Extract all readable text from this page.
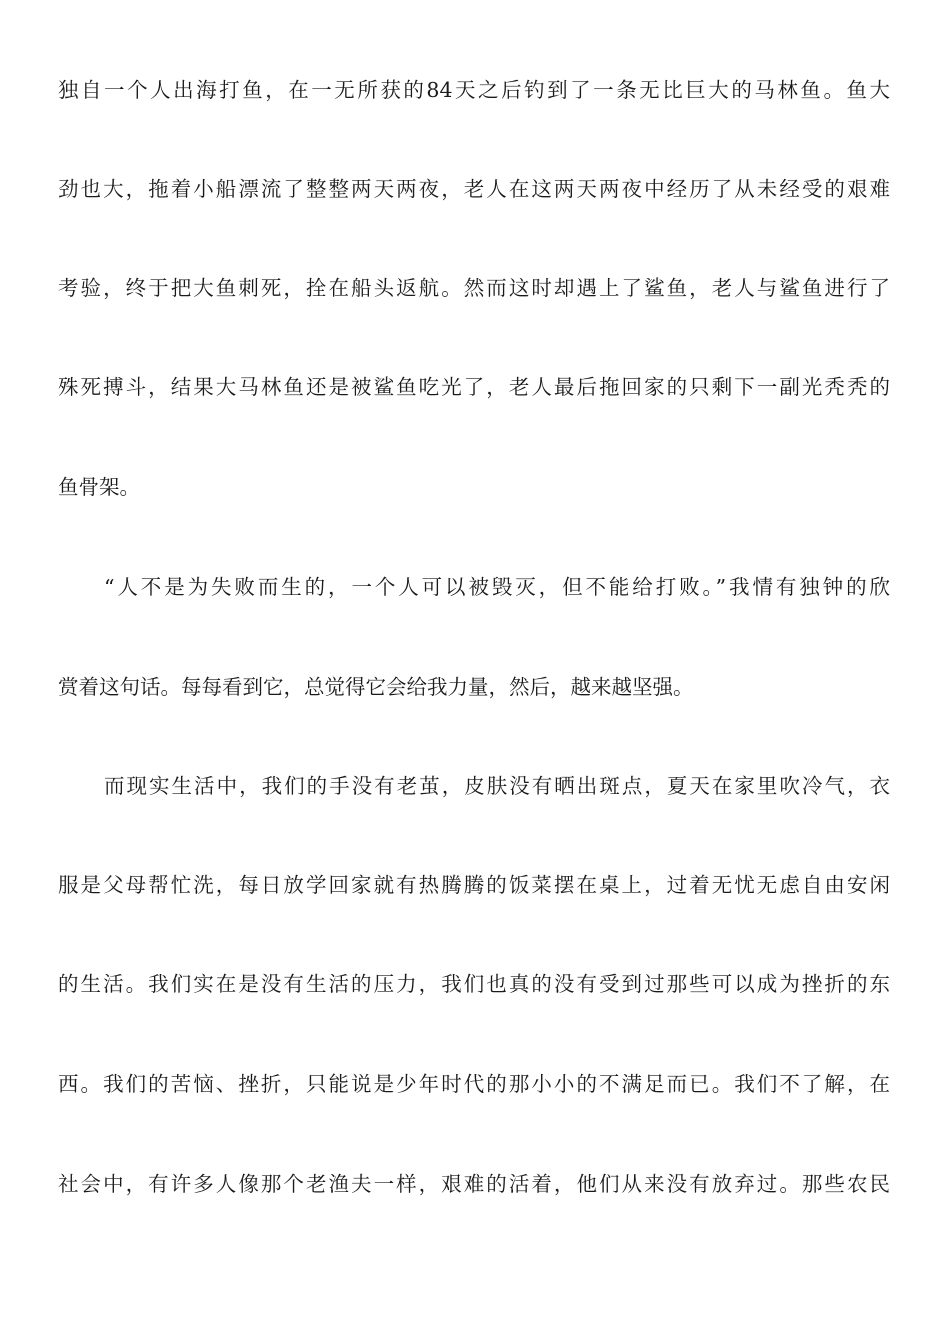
独自一个人出海打鱼，在一无所获的84天之后钓到了一条无比巨大的马林鱼。鱼大
劲也大，拖着小船漂流了整整两天两夜，老人在这两天两夜中经历了从未经受的艰难
考验，终于把大鱼刺死，拴在船头返航。然而这时却遇上了鲨鱼，老人与鲨鱼进行了
殊死搏斗，结果大马林鱼还是被鲨鱼吃光了，老人最后拖回家的只剩下一副光秃秃的
鱼骨架。
“人不是为失败而生的，一个人可以被毁灭，但不能给打败。”我情有独钟的欣
赏着这句话。每每看到它，总觉得它会给我力量，然后，越来越坚强。
而现实生活中，我们的手没有老茧，皮肤没有晒出斑点，夏天在家里吹冷气，衣
服是父母帮忙洗，每日放学回家就有热腾腾的饭菜摆在桌上，过着无忧无虑自由安闲
的生活。我们实在是没有生活的压力，我们也真的没有受到过那些可以成为挫折的东
西。我们的苦恼、挫折，只能说是少年时代的那小小的不满足而已。我们不了解，在
社会中，有许多人像那个老渔夫一样，艰难的活着，他们从来没有放弃过。那些农民
